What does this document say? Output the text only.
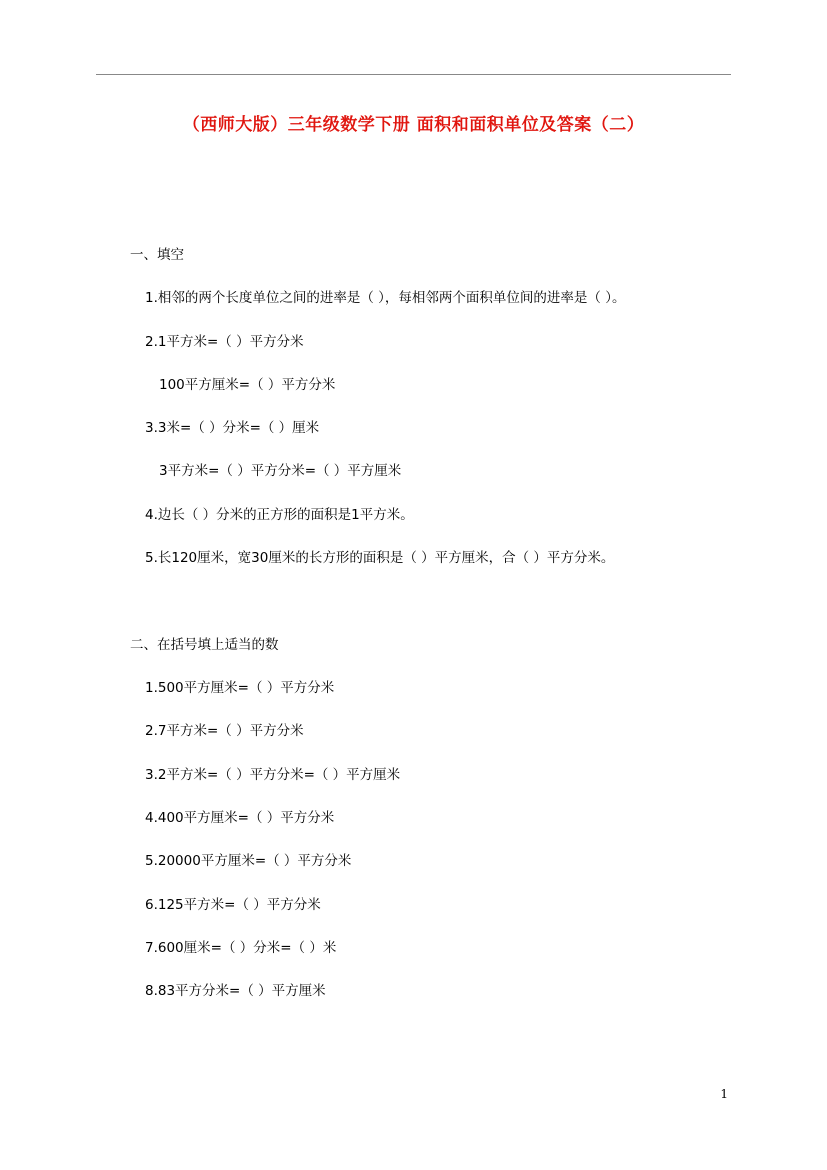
（西师大版）三年级数学下册 面积和面积单位及答案（二）
一、填空
1.相邻的两个长度单位之间的进率是（ ），每相邻两个面积单位间的进率是（ ）。
2.1平方米=（ ）平方分米
100平方厘米=（ ）平方分米
3.3米=（ ）分米=（ ）厘米
3平方米=（ ）平方分米=（ ）平方厘米
4.边长（ ）分米的正方形的面积是1平方米。
5.长120厘米，宽30厘米的长方形的面积是（ ）平方厘米，合（ ）平方分米。
二、在括号填上适当的数
1.500平方厘米=（ ）平方分米
2.7平方米=（ ）平方分米
3.2平方米=（ ）平方分米=（ ）平方厘米
4.400平方厘米=（ ）平方分米
5.20000平方厘米=（ ）平方分米
6.125平方米=（ ）平方分米
7.600厘米=（ ）分米=（ ）米
8.83平方分米=（ ）平方厘米
1
